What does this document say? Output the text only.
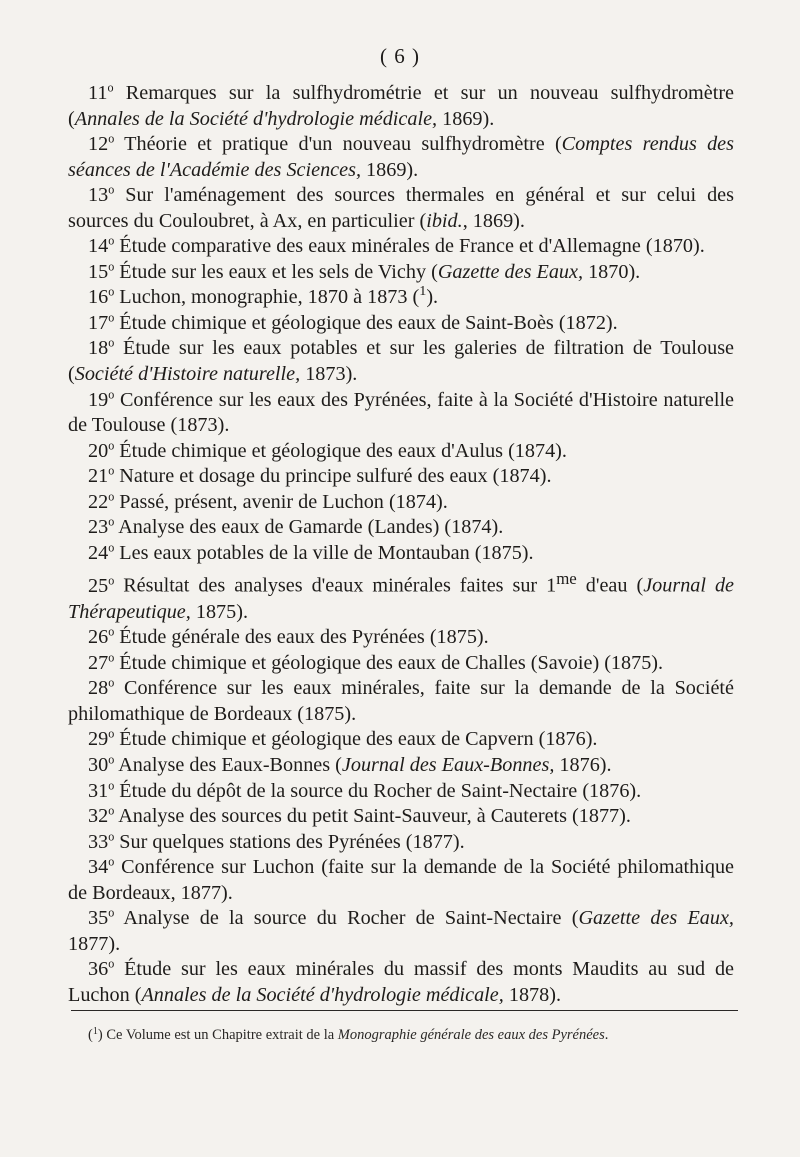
( 6 )

11$^o$ Remarques sur la sulfhydrométrie et sur un nouveau sulfhydromètre (Annales de la Société d'hydrologie médicale, 1869).

12$^o$ Théorie et pratique d'un nouveau sulfhydromètre (Comptes rendus des séances de l'Académie des Sciences, 1869).

13$^o$ Sur l'aménagement des sources thermales en général et sur celui des sources du Couloubret, à Ax, en particulier (ibid., 1869).

14$^o$ Étude comparative des eaux minérales de France et d'Allemagne (1870).

15$^o$ Étude sur les eaux et les sels de Vichy (Gazette des Eaux, 1870).

16$^o$ Luchon, monographie, 1870 à 1873 ($^1$).

17$^o$ Étude chimique et géologique des eaux de Saint-Boès (1872).

18$^o$ Étude sur les eaux potables et sur les galeries de filtration de Toulouse (Société d'Histoire naturelle, 1873).

19$^o$ Conférence sur les eaux des Pyrénées, faite à la Société d'Histoire naturelle de Toulouse (1873).

20$^o$ Étude chimique et géologique des eaux d'Aulus (1874).

21$^o$ Nature et dosage du principe sulfuré des eaux (1874).

22$^o$ Passé, présent, avenir de Luchon (1874).

23$^o$ Analyse des eaux de Gamarde (Landes) (1874).

24$^o$ Les eaux potables de la ville de Montauban (1875).

25$^o$ Résultat des analyses d'eaux minérales faites sur $1^{me}$ d'eau (Journal de Thérapeutique, 1875).

26$^o$ Étude générale des eaux des Pyrénées (1875).

27$^o$ Étude chimique et géologique des eaux de Challes (Savoie) (1875).

28$^o$ Conférence sur les eaux minérales, faite sur la demande de la Société philomathique de Bordeaux (1875).

29$^o$ Étude chimique et géologique des eaux de Capvern (1876).

30$^o$ Analyse des Eaux-Bonnes (Journal des Eaux-Bonnes, 1876).

31$^o$ Étude du dépôt de la source du Rocher de Saint-Nectaire (1876).

32$^o$ Analyse des sources du petit Saint-Sauveur, à Cauterets (1877).

33$^o$ Sur quelques stations des Pyrénées (1877).

34$^o$ Conférence sur Luchon (faite sur la demande de la Société philomathique de Bordeaux, 1877).

35$^o$ Analyse de la source du Rocher de Saint-Nectaire (Gazette des Eaux, 1877).

36$^o$ Étude sur les eaux minérales du massif des monts Maudits au sud de Luchon (Annales de la Société d'hydrologie médicale, 1878).

($^1$) Ce Volume est un Chapitre extrait de la Monographie générale des eaux des Pyrénées.
